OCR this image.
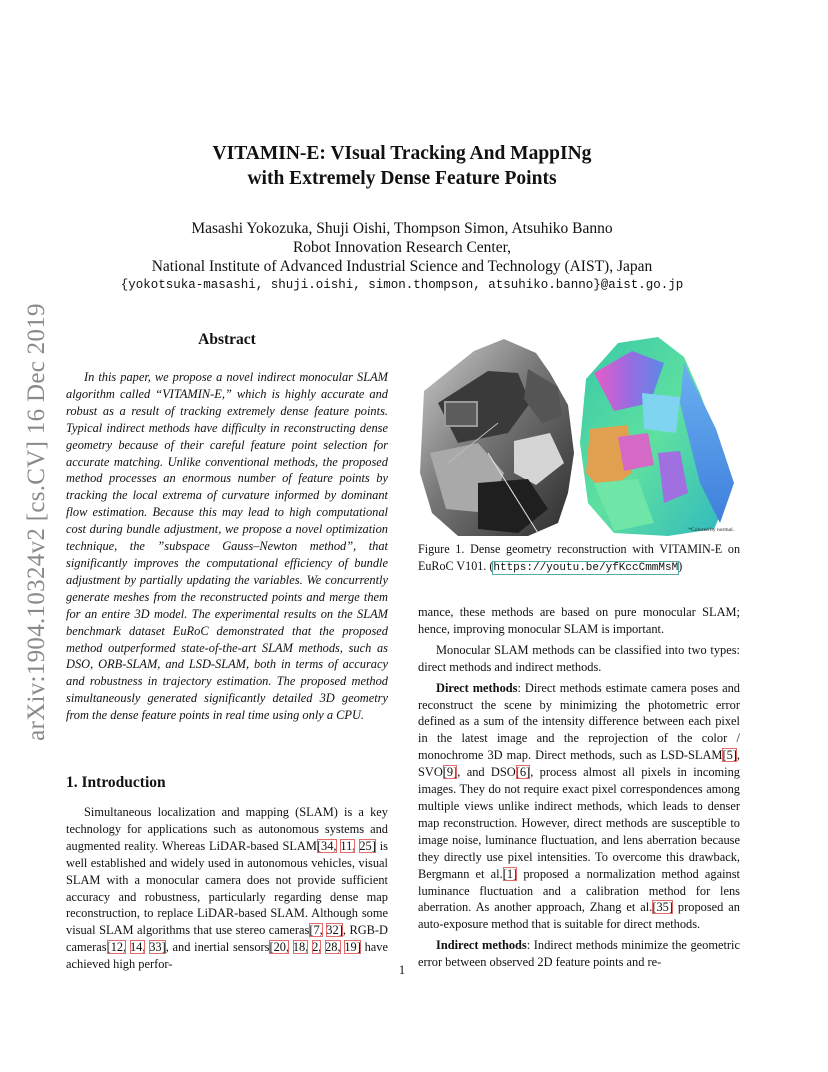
arXiv:1904.10324v2 [cs.CV] 16 Dec 2019
VITAMIN-E: VIsual Tracking And MappINg
with Extremely Dense Feature Points
Masashi Yokozuka, Shuji Oishi, Thompson Simon, Atsuhiko Banno
Robot Innovation Research Center,
National Institute of Advanced Industrial Science and Technology (AIST), Japan
{yokotsuka-masashi, shuji.oishi, simon.thompson, atsuhiko.banno}@aist.go.jp
Abstract

In this paper, we propose a novel indirect monocular SLAM algorithm called “VITAMIN-E,” which is highly accurate and robust as a result of tracking extremely dense feature points. Typical indirect methods have difficulty in reconstructing dense geometry because of their careful feature point selection for accurate matching. Unlike conventional methods, the proposed method processes an enormous number of feature points by tracking the local extrema of curvature informed by dominant flow estimation. Because this may lead to high computational cost during bundle adjustment, we propose a novel optimization technique, the ”subspace Gauss–Newton method”, that significantly improves the computational efficiency of bundle adjustment by partially updating the variables. We concurrently generate meshes from the reconstructed points and merge them for an entire 3D model. The experimental results on the SLAM benchmark dataset EuRoC demonstrated that the proposed method outperformed state-of-the-art SLAM methods, such as DSO, ORB-SLAM, and LSD-SLAM, both in terms of accuracy and robustness in trajectory estimation. The proposed method simultaneously generated significantly detailed 3D geometry from the dense feature points in real time using only a CPU.

1. Introduction

Simultaneous localization and mapping (SLAM) is a key technology for applications such as autonomous systems and augmented reality. Whereas LiDAR-based SLAM[34, 11, 25] is well established and widely used in autonomous vehicles, visual SLAM with a monocular camera does not provide sufficient accuracy and robustness, particularly regarding dense map reconstruction, to replace LiDAR-based SLAM. Although some visual SLAM algorithms that use stereo cameras[7, 32], RGB-D cameras[12, 14, 33], and inertial sensors[20, 18, 2, 28, 19] have achieved high perfor-

*Colored by normal.
Figure 1. Dense geometry reconstruction with VITAMIN-E on EuRoC V101. (https://youtu.be/yfKccCmmMsM)

mance, these methods are based on pure monocular SLAM; hence, improving monocular SLAM is important.

Monocular SLAM methods can be classified into two types: direct methods and indirect methods.

Direct methods: Direct methods estimate camera poses and reconstruct the scene by minimizing the photometric error defined as a sum of the intensity difference between each pixel in the latest image and the reprojection of the color / monochrome 3D map. Direct methods, such as LSD-SLAM[5], SVO[9], and DSO[6], process almost all pixels in incoming images. They do not require exact pixel correspondences among multiple views unlike indirect methods, which leads to denser map reconstruction. However, direct methods are susceptible to image noise, luminance fluctuation, and lens aberration because they directly use pixel intensities. To overcome this drawback, Bergmann et al.[1] proposed a normalization method against luminance fluctuation and a calibration method for lens aberration. As another approach, Zhang et al.[35] proposed an auto-exposure method that is suitable for direct methods.

Indirect methods: Indirect methods minimize the geometric error between observed 2D feature points and re-

1
